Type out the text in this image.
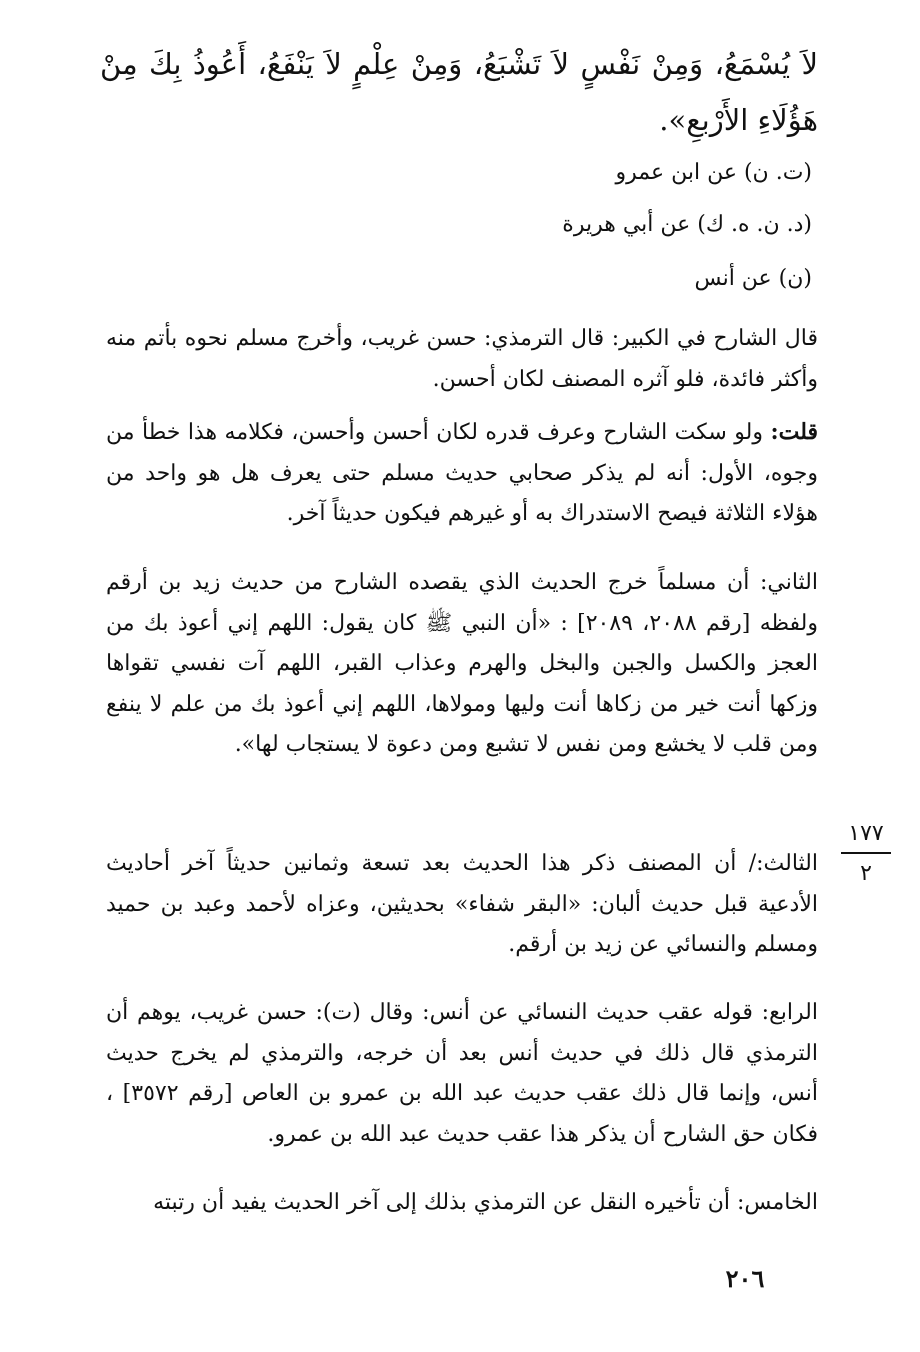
لاَ يُسْمَعُ، وَمِنْ نَفْسٍ لاَ تَشْبَعُ، وَمِنْ عِلْمٍ لاَ يَنْفَعُ، أَعُوذُ بِكَ مِنْ هَؤُلَاءِ الأَرْبعِ».
(ت. ن) عن ابن عمرو
(د. ن. ه. ك) عن أبي هريرة
(ن) عن أنس

قال الشارح في الكبير: قال الترمذي: حسن غريب، وأخرج مسلم نحوه بأتم منه وأكثر فائدة، فلو آثره المصنف لكان أحسن.

قلت: ولو سكت الشارح وعرف قدره لكان أحسن وأحسن، فكلامه هذا خطأ من وجوه، الأول: أنه لم يذكر صحابي حديث مسلم حتى يعرف هل هو واحد من هؤلاء الثلاثة فيصح الاستدراك به أو غيرهم فيكون حديثاً آخر.

الثاني: أن مسلماً خرج الحديث الذي يقصده الشارح من حديث زيد بن أرقم ولفظه [رقم ٢٠٨٨، ٢٠٨٩] : «أن النبي ﷺ كان يقول: اللهم إني أعوذ بك من العجز والكسل والجبن والبخل والهرم وعذاب القبر، اللهم آت نفسي تقواها وزكها أنت خير من زكاها أنت وليها ومولاها، اللهم إني أعوذ بك من علم لا ينفع ومن قلب لا يخشع ومن نفس لا تشبع ومن دعوة لا يستجاب لها».

الثالث:/ أن المصنف ذكر هذا الحديث بعد تسعة وثمانين حديثاً آخر أحاديث الأدعية قبل حديث ألبان: «البقر شفاء» بحديثين، وعزاه لأحمد وعبد بن حميد ومسلم والنسائي عن زيد بن أرقم.

الرابع: قوله عقب حديث النسائي عن أنس: وقال (ت): حسن غريب، يوهم أن الترمذي قال ذلك في حديث أنس بعد أن خرجه، والترمذي لم يخرج حديث أنس، وإنما قال ذلك عقب حديث عبد الله بن عمرو بن العاص [رقم ٣٥٧٢] ، فكان حق الشارح أن يذكر هذا عقب حديث عبد الله بن عمرو.

الخامس: أن تأخيره النقل عن الترمذي بذلك إلى آخر الحديث يفيد أن رتبته

١٧٧
٢
٢٠٦
